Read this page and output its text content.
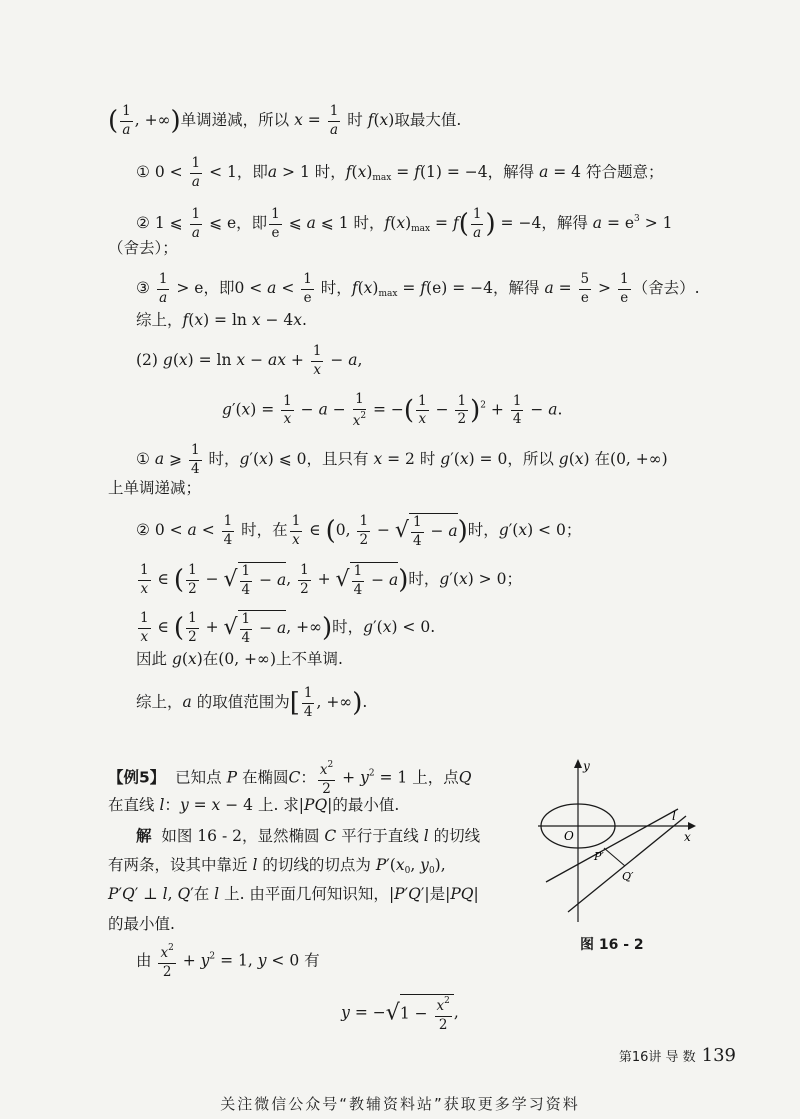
( $\frac{1}{a}$ , +∞)单调递减，所以 $x = \frac{1}{a}$ 时 f(x)取最大值.
① $0 < \frac{1}{a} < 1$，即a > 1 时，$f(x)_{max} = f(1) = -4$，解得 a = 4 符合题意；
② 1 ⩽ $\frac{1}{a}$ ⩽ e，即 $\frac{1}{e}$ ⩽ a ⩽ 1 时，$f(x)_{max} = f( \frac{1}{a}$ ) = −4，解得 $a = e^3 > 1$
（舍去）；
③ $\frac{1}{a} > e$，即$0 < a < \frac{1}{e}$ 时，$f(x)_{max} = f(e) = -4$，解得 $a = \frac{5}{e} > \frac{1}{e}$ （舍去）.
综上，f(x) = ln x − 4x.
(2) g(x) = ln x − ax + $\frac{1}{x} - a$,
$g'(x) = \frac{1}{x} - a - \frac{1}{x^2}$ = −( $\frac{1}{x} - \frac{1}{2} )^2 + \frac{1}{4} - a$.
① a ⩾ $\frac{1}{4}$ 时，g′(x) ⩽ 0，且只有 x = 2 时 g′(x) = 0，所以 g(x) 在(0, +∞)
上单调递减；
② $0 < a < \frac{1}{4}$ 时，在 $\frac{1}{x}$ ∈ (0, $\frac{1}{2}$ − √ $\frac{1}{4} - a$)时，g′(x) < 0；
$\frac{1}{x}$ ∈ ( $\frac{1}{2}$ − √ $\frac{1}{4} - a$, $\frac{1}{2}$ + √ $\frac{1}{4} - a$)时，g′(x) > 0；
$\frac{1}{x}$ ∈ ( $\frac{1}{2}$ + √ $\frac{1}{4} - a$, +∞)时，g′(x) < 0.
因此 g(x)在(0, +∞)上不单调.
综上，a 的取值范围为[ $\frac{1}{4}$ , +∞).
【例5】 已知点 P 在椭圆C： $\frac{x^2}{2} + y^2 = 1$ 上，点Q
在直线 l：y = x − 4 上. 求|PQ|的最小值.
解 如图 16 - 2，显然椭圆 C 平行于直线 l 的切线
有两条，设其中靠近 l 的切线的切点为 $P'(x_0$, $y_0$),
P′Q′ ⊥ l, Q′在 l 上. 由平面几何知识知，|P′Q′|是|PQ|
的最小值.
由 $\frac{x^2}{2} + y^2 = 1$, y < 0 有
$y = -√1 - \frac{x^2}{2}$ ,
y
x
O
l
P′
Q′
图 16 - 2
第16讲 导 数 139
关注微信公众号“教辅资料站”获取更多学习资料
